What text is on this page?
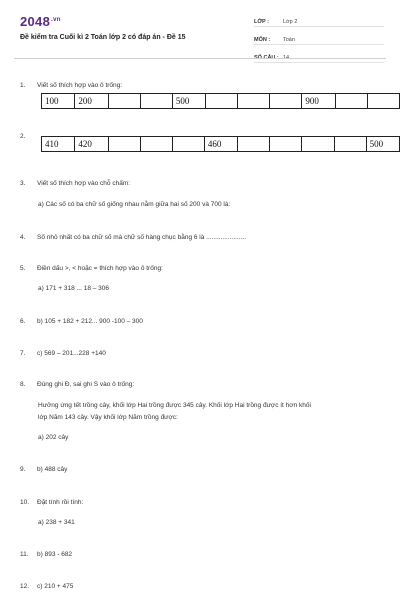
$2048^{.vn}$
Đề kiểm tra Cuối kì 2 Toán lớp 2 có đáp án - Đề 15
LỚP :	Lớp 2
MÔN :	Toán
SỐ CÂU : 14
1. Viết số thích hợp vào ô trống:
100	200			500				900		
2.
410	420				460					500
3. Viết số thích hợp vào chỗ chấm:
a) Các số có ba chữ số giống nhau nằm giữa hai số 200 và 700 là:
4. Số nhỏ nhất có ba chữ số mà chữ số hàng chục bằng 6 là ......................
5. Điền dấu >, < hoặc = thích hợp vào ô trống:
a) 171 + 318 ... 18 – 306
6. b) 105 + 182 + 212... 900 -100 – 300
7. c) 569 – 201...228 +140
8. Đúng ghi Đ, sai ghi S vào ô trống:
Hưởng ứng tết trồng cây, khối lớp Hai trồng được 345 cây. Khối lớp Hai trồng được ít hơn khối
lớp Năm 143 cây. Vậy khối lớp Năm trồng được:
a) 202 cây
9. b) 488 cây
10. Đặt tính rồi tính:
a) 238 + 341
11. b) 893 - 682
12. c) 210 + 475
